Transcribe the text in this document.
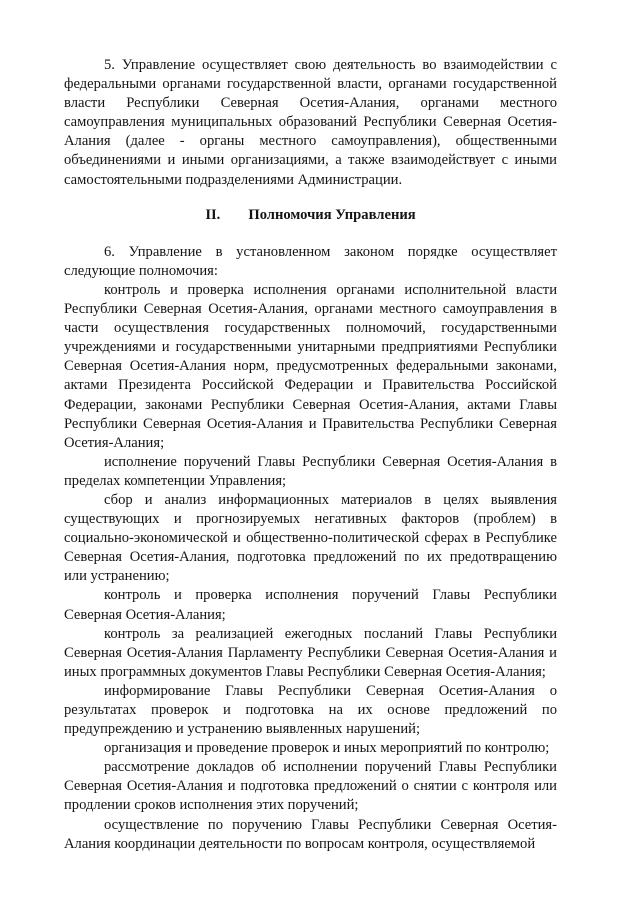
5. Управление осуществляет свою деятельность во взаимодействии с федеральными органами государственной власти, органами государственной власти Республики Северная Осетия-Алания, органами местного самоуправления муниципальных образований Республики Северная Осетия-Алания (далее - органы местного самоуправления), общественными объединениями и иными организациями, а также взаимодействует с иными самостоятельными подразделениями Администрации.

II. Полномочия Управления

6. Управление в установленном законом порядке осуществляет следующие полномочия:

контроль и проверка исполнения органами исполнительной власти Республики Северная Осетия-Алания, органами местного самоуправления в части осуществления государственных полномочий, государственными учреждениями и государственными унитарными предприятиями Республики Северная Осетия-Алания норм, предусмотренных федеральными законами, актами Президента Российской Федерации и Правительства Российской Федерации, законами Республики Северная Осетия-Алания, актами Главы Республики Северная Осетия-Алания и Правительства Республики Северная Осетия-Алания;

исполнение поручений Главы Республики Северная Осетия-Алания в пределах компетенции Управления;

сбор и анализ информационных материалов в целях выявления существующих и прогнозируемых негативных факторов (проблем) в социально-экономической и общественно-политической сферах в Республике Северная Осетия-Алания, подготовка предложений по их предотвращению или устранению;

контроль и проверка исполнения поручений Главы Республики Северная Осетия-Алания;

контроль за реализацией ежегодных посланий Главы Республики Северная Осетия-Алания Парламенту Республики Северная Осетия-Алания и иных программных документов Главы Республики Северная Осетия-Алания;

информирование Главы Республики Северная Осетия-Алания о результатах проверок и подготовка на их основе предложений по предупреждению и устранению выявленных нарушений;

организация и проведение проверок и иных мероприятий по контролю;

рассмотрение докладов об исполнении поручений Главы Республики Северная Осетия-Алания и подготовка предложений о снятии с контроля или продлении сроков исполнения этих поручений;

осуществление по поручению Главы Республики Северная Осетия-Алания координации деятельности по вопросам контроля, осуществляемой
